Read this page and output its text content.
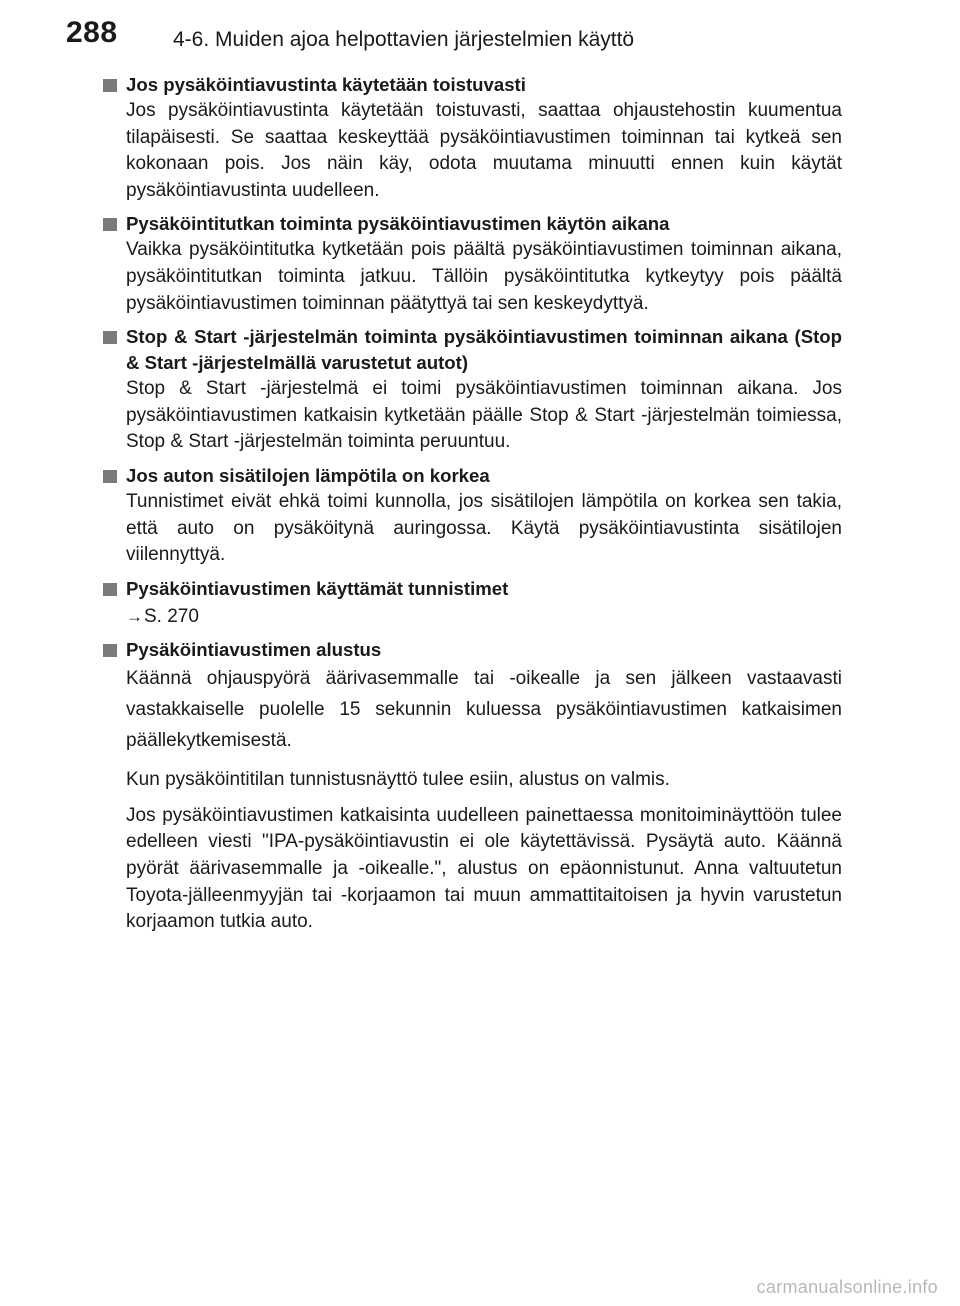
288	4-6. Muiden ajoa helpottavien järjestelmien käyttö
Jos pysäköintiavustinta käytetään toistuvasti

Jos pysäköintiavustinta käytetään toistuvasti, saattaa ohjaustehostin kuumentua tilapäisesti. Se saattaa keskeyttää pysäköintiavustimen toiminnan tai kytkeä sen kokonaan pois. Jos näin käy, odota muutama minuutti ennen kuin käytät pysäköintiavustinta uudelleen.

Pysäköintitutkan toiminta pysäköintiavustimen käytön aikana

Vaikka pysäköintitutka kytketään pois päältä pysäköintiavustimen toiminnan aikana, pysäköintitutkan toiminta jatkuu. Tällöin pysäköintitutka kytkeytyy pois päältä pysäköintiavustimen toiminnan päätyttyä tai sen keskeydyttyä.

Stop & Start -järjestelmän toiminta pysäköintiavustimen toiminnan aikana (Stop & Start -järjestelmällä varustetut autot)

Stop & Start -järjestelmä ei toimi pysäköintiavustimen toiminnan aikana. Jos pysäköintiavustimen katkaisin kytketään päälle Stop & Start -järjestelmän toimiessa, Stop & Start -järjestelmän toiminta peruuntuu.

Jos auton sisätilojen lämpötila on korkea

Tunnistimet eivät ehkä toimi kunnolla, jos sisätilojen lämpötila on korkea sen takia, että auto on pysäköitynä auringossa. Käytä pysäköintiavustinta sisätilojen viilennyttyä.

Pysäköintiavustimen käyttämät tunnistimet
→S. 270
Pysäköintiavustimen alustus

Käännä ohjauspyörä äärivasemmalle tai -oikealle ja sen jälkeen vastaavasti vastakkaiselle puolelle 15 sekunnin kuluessa pysäköintiavustimen katkaisimen päällekytkemisestä.

Kun pysäköintitilan tunnistusnäyttö tulee esiin, alustus on valmis.

Jos pysäköintiavustimen katkaisinta uudelleen painettaessa monitoiminäyttöön tulee edelleen viesti "IPA-pysäköintiavustin ei ole käytettävissä. Pysäytä auto. Käännä pyörät äärivasemmalle ja -oikealle.", alustus on epäonnistunut. Anna valtuutetun Toyota-jälleenmyyjän tai -korjaamon tai muun ammattitaitoisen ja hyvin varustetun korjaamon tutkia auto.

carmanualsonline.info
